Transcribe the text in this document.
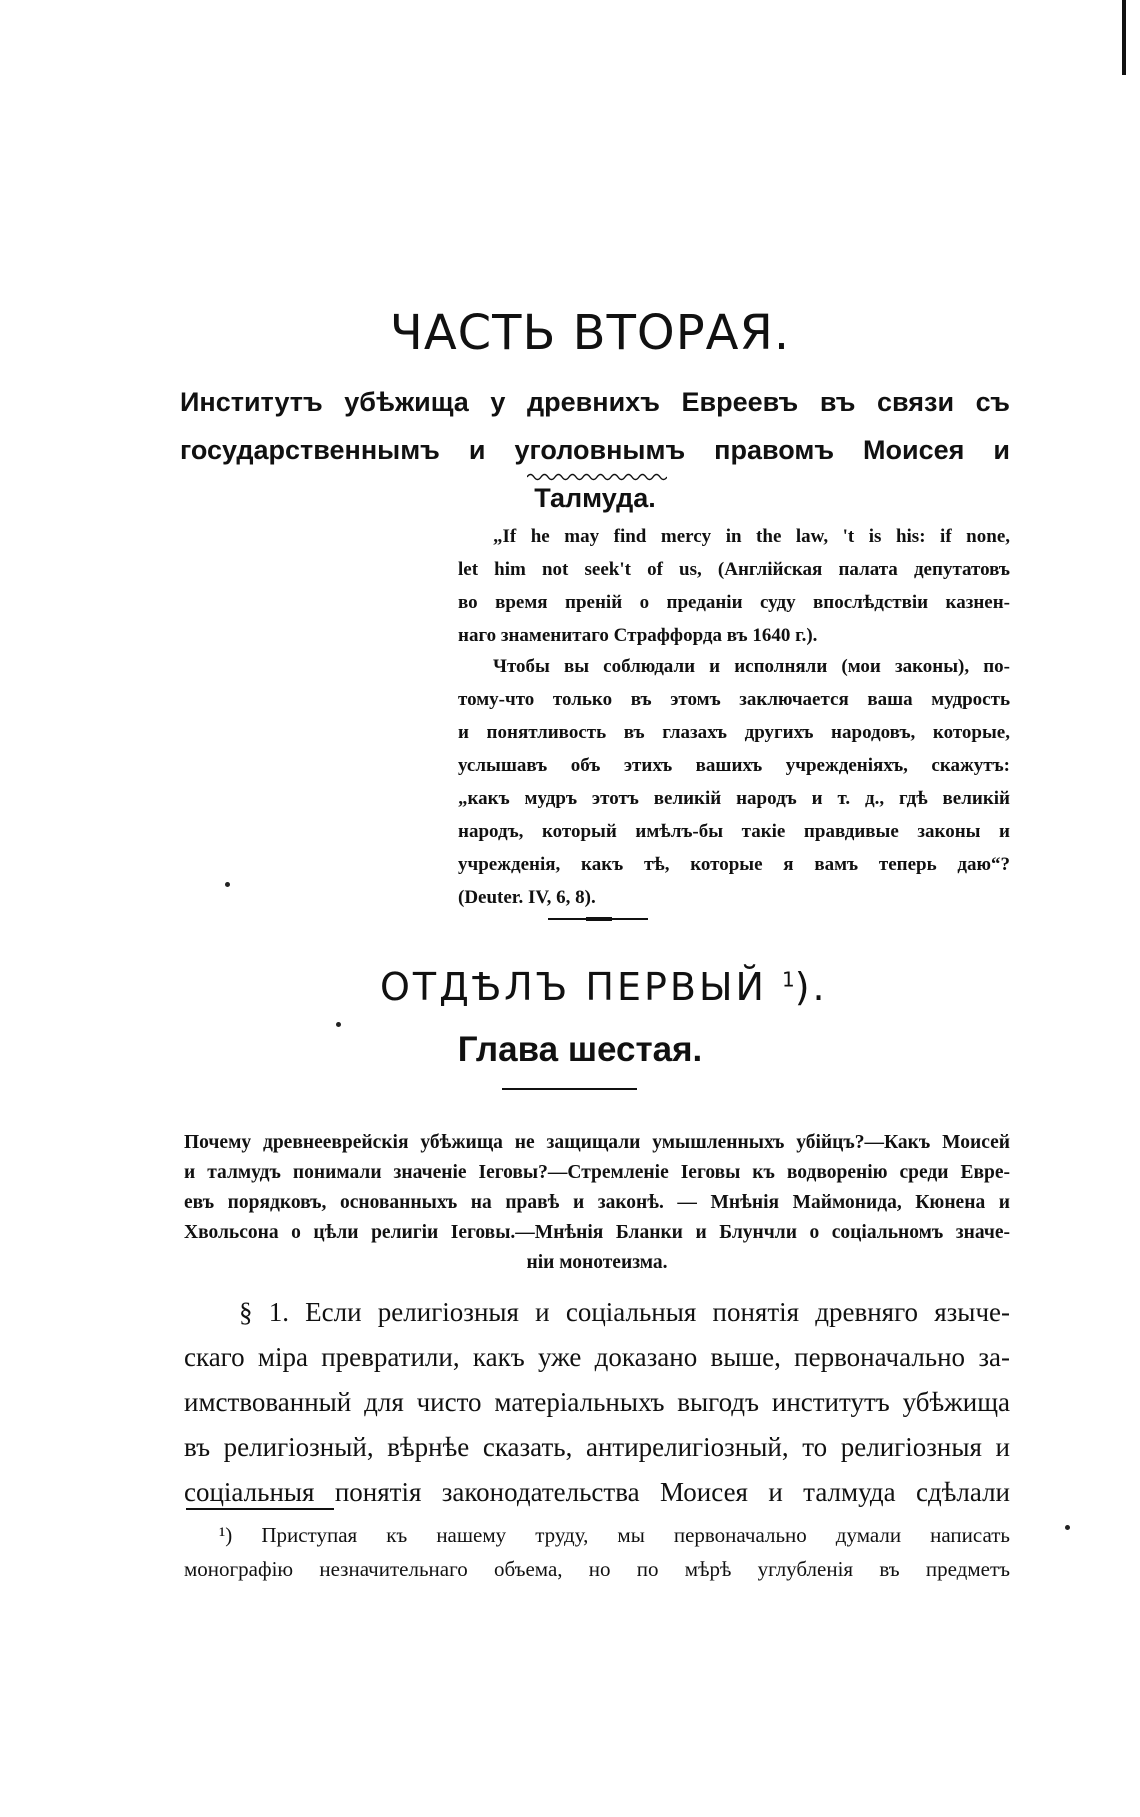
ЧАСТЬ ВТОРАЯ.
Институтъ убѣжища у древнихъ Евреевъ въ связи съ государственнымъ и уголовнымъ правомъ Моисея и Талмуда.
„If he may find mercy in the law, 't is his: if none,
let him not seek't of us, (Англійская палата депутатовъ
во время преній о преданіи суду впослѣдствіи казнен-
наго знаменитаго Страффорда въ 1640 г.).
Чтобы вы соблюдали и исполняли (мои законы), по-
тому-что только въ этомъ заключается ваша мудрость
и понятливость въ глазахъ другихъ народовъ, которые,
услышавъ объ этихъ вашихъ учрежденіяхъ, скажутъ:
„какъ мудръ этотъ великій народъ и т. д., гдѣ великій
народъ, который имѣлъ-бы такіе правдивые законы и
учрежденія, какъ тѣ, которые я вамъ теперь даю“?
(Deuter. IV, 6, 8).
ОТДѢЛЪ ПЕРВЫЙ $^1$).
Глава шестая.
Почему древнееврейскія убѣжища не защищали умышленныхъ убійцъ?—Какъ Моисей
и талмудъ понимали значеніе Іеговы?—Стремленіе Іеговы къ водворенію среди Евре-
евъ порядковъ, основанныхъ на правѣ и законѣ. — Мнѣнія Маймонида, Кюнена и
Хвольсона о цѣли религіи Іеговы.—Мнѣнія Бланки и Блунчли о соціальномъ значе-
ніи монотеизма.
§ 1. Если религіозныя и соціальныя понятія древняго языче-
скаго міра превратили, какъ уже доказано выше, первоначально за-
имствованный для чисто матеріальныхъ выгодъ институтъ убѣжища
въ религіозный, вѣрнѣе сказать, антирелигіозный, то религіозныя и
соціальныя понятія законодательства Моисея и талмуда сдѣлали
¹) Приступая къ нашему труду, мы первоначально думали написать
монографію незначительнаго объема, но по мѣрѣ углубленія въ предметъ
